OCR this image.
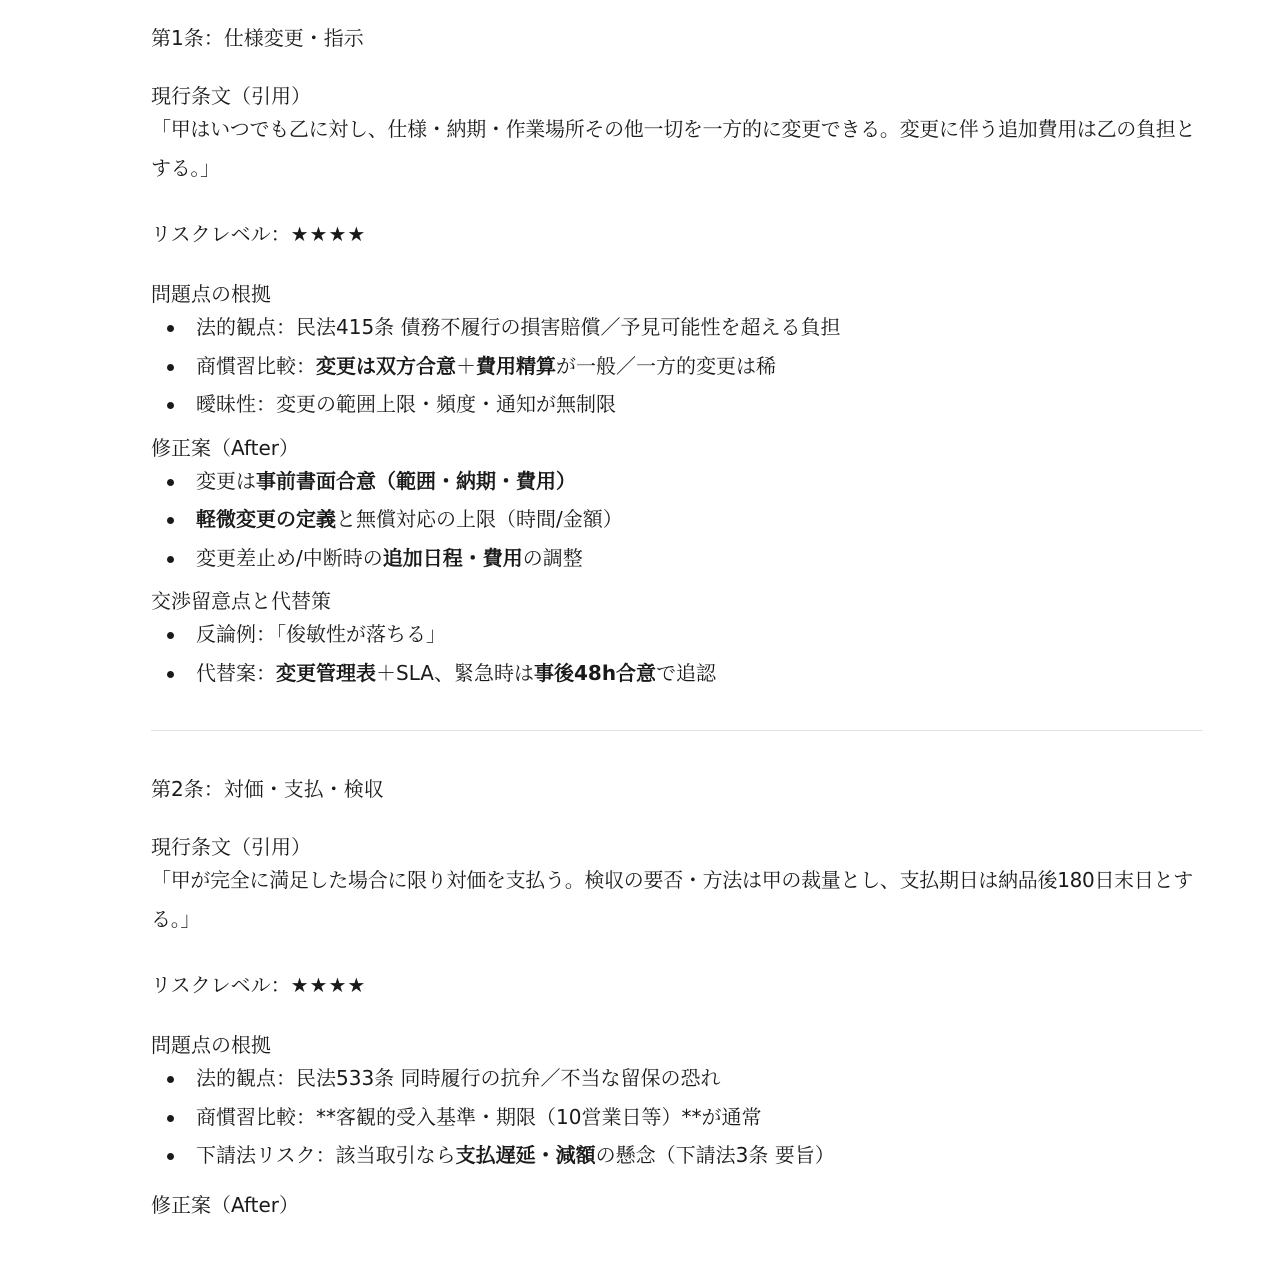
第1条：仕様変更・指示

現行条文（引用）

「甲はいつでも乙に対し、仕様・納期・作業場所その他一切を一方的に変更できる。変更に伴う追加費用は乙の負担とする。」

リスクレベル：★★★★

問題点の根拠

法的観点：民法415条 債務不履行の損害賠償／予見可能性を超える負担
商慣習比較：変更は双方合意＋費用精算が一般／一方的変更は稀
曖昧性：変更の範囲上限・頻度・通知が無制限

修正案（After）

変更は事前書面合意（範囲・納期・費用）
軽微変更の定義と無償対応の上限（時間/金額）
変更差止め/中断時の追加日程・費用の調整

交渉留意点と代替策

反論例：「俊敏性が落ちる」
代替案：変更管理表＋SLA、緊急時は事後48h合意で追認
第2条：対価・支払・検収

現行条文（引用）

「甲が完全に満足した場合に限り対価を支払う。検収の要否・方法は甲の裁量とし、支払期日は納品後180日末日とする。」

リスクレベル：★★★★

問題点の根拠

法的観点：民法533条 同時履行の抗弁／不当な留保の恐れ
商慣習比較：**客観的受入基準・期限（10営業日等）**が通常
下請法リスク：該当取引なら支払遅延・減額の懸念（下請法3条 要旨）

修正案（After）
